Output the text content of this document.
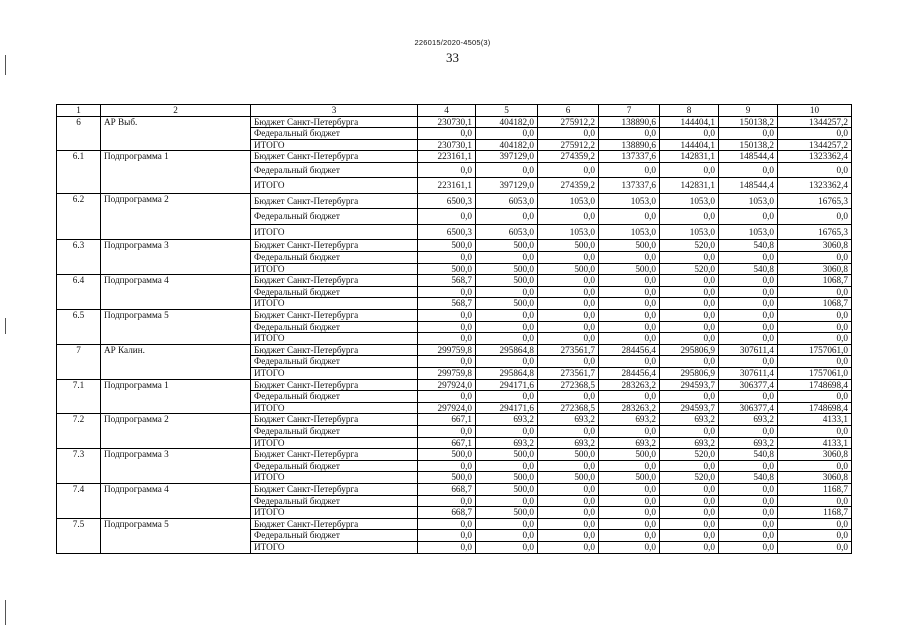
226015/2020-4505(3)
33
1	2	3	4	5	6	7	8	9	10
6	АР Выб.	Бюджет Санкт-Петербурга	230730,1	404182,0	275912,2	138890,6	144404,1	150138,2	1344257,2
		Федеральный бюджет	0,0	0,0	0,0	0,0	0,0	0,0	0,0
		ИТОГО	230730,1	404182,0	275912,2	138890,6	144404,1	150138,2	1344257,2
6.1	Подпрограмма 1	Бюджет Санкт-Петербурга	223161,1	397129,0	274359,2	137337,6	142831,1	148544,4	1323362,4
		Федеральный бюджет	0,0	0,0	0,0	0,0	0,0	0,0	0,0
		ИТОГО	223161,1	397129,0	274359,2	137337,6	142831,1	148544,4	1323362,4
6.2	Подпрограмма 2	Бюджет Санкт-Петербурга	6500,3	6053,0	1053,0	1053,0	1053,0	1053,0	16765,3
		Федеральный бюджет	0,0	0,0	0,0	0,0	0,0	0,0	0,0
		ИТОГО	6500,3	6053,0	1053,0	1053,0	1053,0	1053,0	16765,3
6.3	Подпрограмма 3	Бюджет Санкт-Петербурга	500,0	500,0	500,0	500,0	520,0	540,8	3060,8
		Федеральный бюджет	0,0	0,0	0,0	0,0	0,0	0,0	0,0
		ИТОГО	500,0	500,0	500,0	500,0	520,0	540,8	3060,8
6.4	Подпрограмма 4	Бюджет Санкт-Петербурга	568,7	500,0	0,0	0,0	0,0	0,0	1068,7
		Федеральный бюджет	0,0	0,0	0,0	0,0	0,0	0,0	0,0
		ИТОГО	568,7	500,0	0,0	0,0	0,0	0,0	1068,7
6.5	Подпрограмма 5	Бюджет Санкт-Петербурга	0,0	0,0	0,0	0,0	0,0	0,0	0,0
		Федеральный бюджет	0,0	0,0	0,0	0,0	0,0	0,0	0,0
		ИТОГО	0,0	0,0	0,0	0,0	0,0	0,0	0,0
7	АР Калин.	Бюджет Санкт-Петербурга	299759,8	295864,8	273561,7	284456,4	295806,9	307611,4	1757061,0
		Федеральный бюджет	0,0	0,0	0,0	0,0	0,0	0,0	0,0
		ИТОГО	299759,8	295864,8	273561,7	284456,4	295806,9	307611,4	1757061,0
7.1	Подпрограмма 1	Бюджет Санкт-Петербурга	297924,0	294171,6	272368,5	283263,2	294593,7	306377,4	1748698,4
		Федеральный бюджет	0,0	0,0	0,0	0,0	0,0	0,0	0,0
		ИТОГО	297924,0	294171,6	272368,5	283263,2	294593,7	306377,4	1748698,4
7.2	Подпрограмма 2	Бюджет Санкт-Петербурга	667,1	693,2	693,2	693,2	693,2	693,2	4133,1
		Федеральный бюджет	0,0	0,0	0,0	0,0	0,0	0,0	0,0
		ИТОГО	667,1	693,2	693,2	693,2	693,2	693,2	4133,1
7.3	Подпрограмма 3	Бюджет Санкт-Петербурга	500,0	500,0	500,0	500,0	520,0	540,8	3060,8
		Федеральный бюджет	0,0	0,0	0,0	0,0	0,0	0,0	0,0
		ИТОГО	500,0	500,0	500,0	500,0	520,0	540,8	3060,8
7.4	Подпрограмма 4	Бюджет Санкт-Петербурга	668,7	500,0	0,0	0,0	0,0	0,0	1168,7
		Федеральный бюджет	0,0	0,0	0,0	0,0	0,0	0,0	0,0
		ИТОГО	668,7	500,0	0,0	0,0	0,0	0,0	1168,7
7.5	Подпрограмма 5	Бюджет Санкт-Петербурга	0,0	0,0	0,0	0,0	0,0	0,0	0,0
		Федеральный бюджет	0,0	0,0	0,0	0,0	0,0	0,0	0,0
		ИТОГО	0,0	0,0	0,0	0,0	0,0	0,0	0,0
